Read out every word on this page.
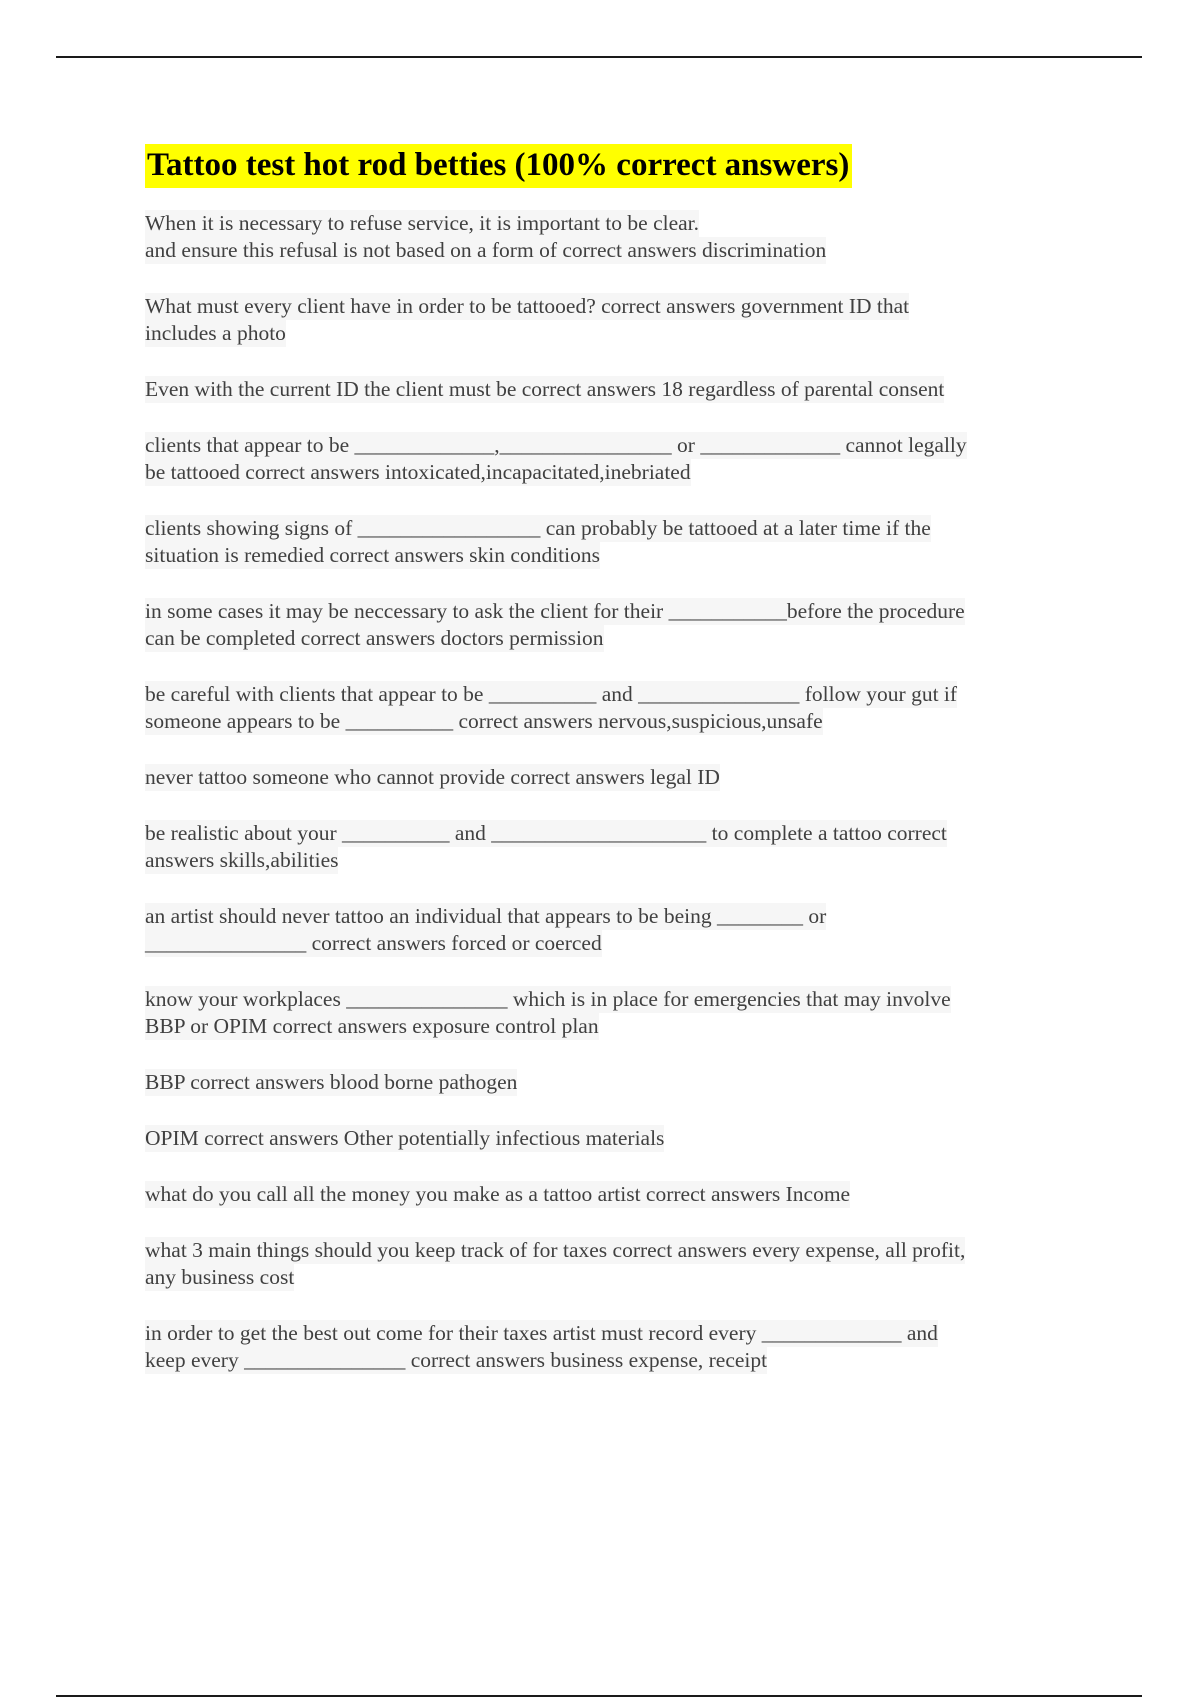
Tattoo test hot rod betties (100% correct answers)

When it is necessary to refuse service, it is important to be clear.
and ensure this refusal is not based on a form of correct answers discrimination

What must every client have in order to be tattooed? correct answers government ID that
includes a photo

Even with the current ID the client must be correct answers 18 regardless of parental consent

clients that appear to be _____________,________________ or _____________ cannot legally
be tattooed correct answers intoxicated,incapacitated,inebriated

clients showing signs of _________________ can probably be tattooed at a later time if the
situation is remedied correct answers skin conditions

in some cases it may be neccessary to ask the client for their ___________before the procedure
can be completed correct answers doctors permission

be careful with clients that appear to be __________ and _______________ follow your gut if
someone appears to be __________ correct answers nervous,suspicious,unsafe

never tattoo someone who cannot provide correct answers legal ID

be realistic about your __________ and ____________________ to complete a tattoo correct
answers skills,abilities

an artist should never tattoo an individual that appears to be being ________ or
_______________ correct answers forced or coerced

know your workplaces _______________ which is in place for emergencies that may involve
BBP or OPIM correct answers exposure control plan

BBP correct answers blood borne pathogen

OPIM correct answers Other potentially infectious materials

what do you call all the money you make as a tattoo artist correct answers Income

what 3 main things should you keep track of for taxes correct answers every expense, all profit,
any business cost

in order to get the best out come for their taxes artist must record every _____________ and
keep every _______________ correct answers business expense, receipt
